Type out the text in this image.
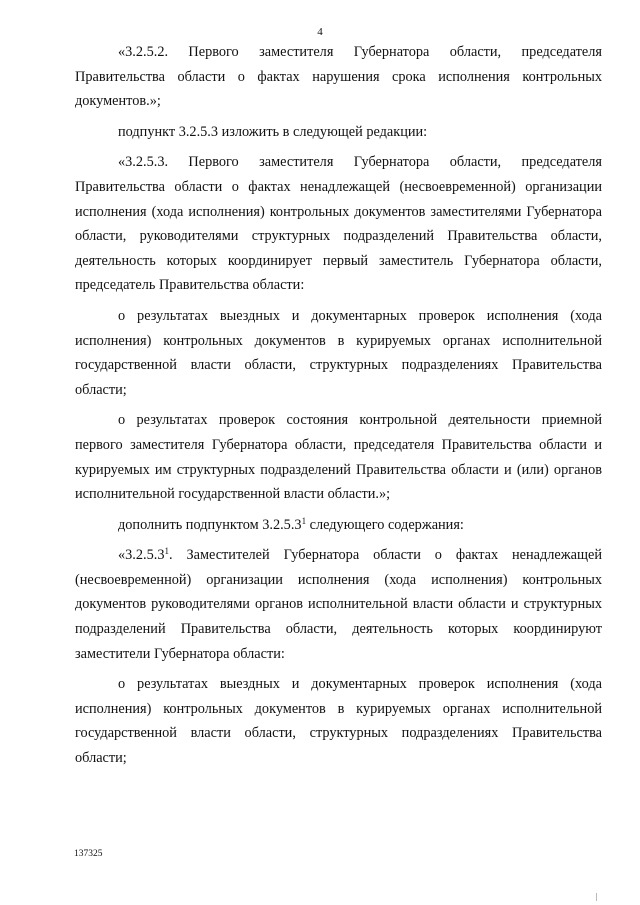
4

«3.2.5.2. Первого заместителя Губернатора области, председателя Правительства области о фактах нарушения срока исполнения контрольных документов.»;

подпункт 3.2.5.3 изложить в следующей редакции:

«3.2.5.3. Первого заместителя Губернатора области, председателя Правительства области о фактах ненадлежащей (несвоевременной) организации исполнения (хода исполнения) контрольных документов заместителями Губернатора области, руководителями структурных подразделений Правительства области, деятельность которых координирует первый заместитель Губернатора области, председатель Правительства области:

о результатах выездных и документарных проверок исполнения (хода исполнения) контрольных документов в курируемых органах исполнительной государственной власти области, структурных подразделениях Правительства области;

о результатах проверок состояния контрольной деятельности приемной первого заместителя Губернатора области, председателя Правительства области и курируемых им структурных подразделений Правительства области и (или) органов исполнительной государственной власти области.»;

дополнить подпунктом 3.2.5.3$^1$ следующего содержания:

«3.2.5.3$^1$. Заместителей Губернатора области о фактах ненадлежащей (несвоевременной) организации исполнения (хода исполнения) контрольных документов руководителями органов исполнительной власти области и структурных подразделений Правительства области, деятельность которых координируют заместители Губернатора области:

о результатах выездных и документарных проверок исполнения (хода исполнения) контрольных документов в курируемых органах исполнительной государственной власти области, структурных подразделениях Правительства области;

137325
